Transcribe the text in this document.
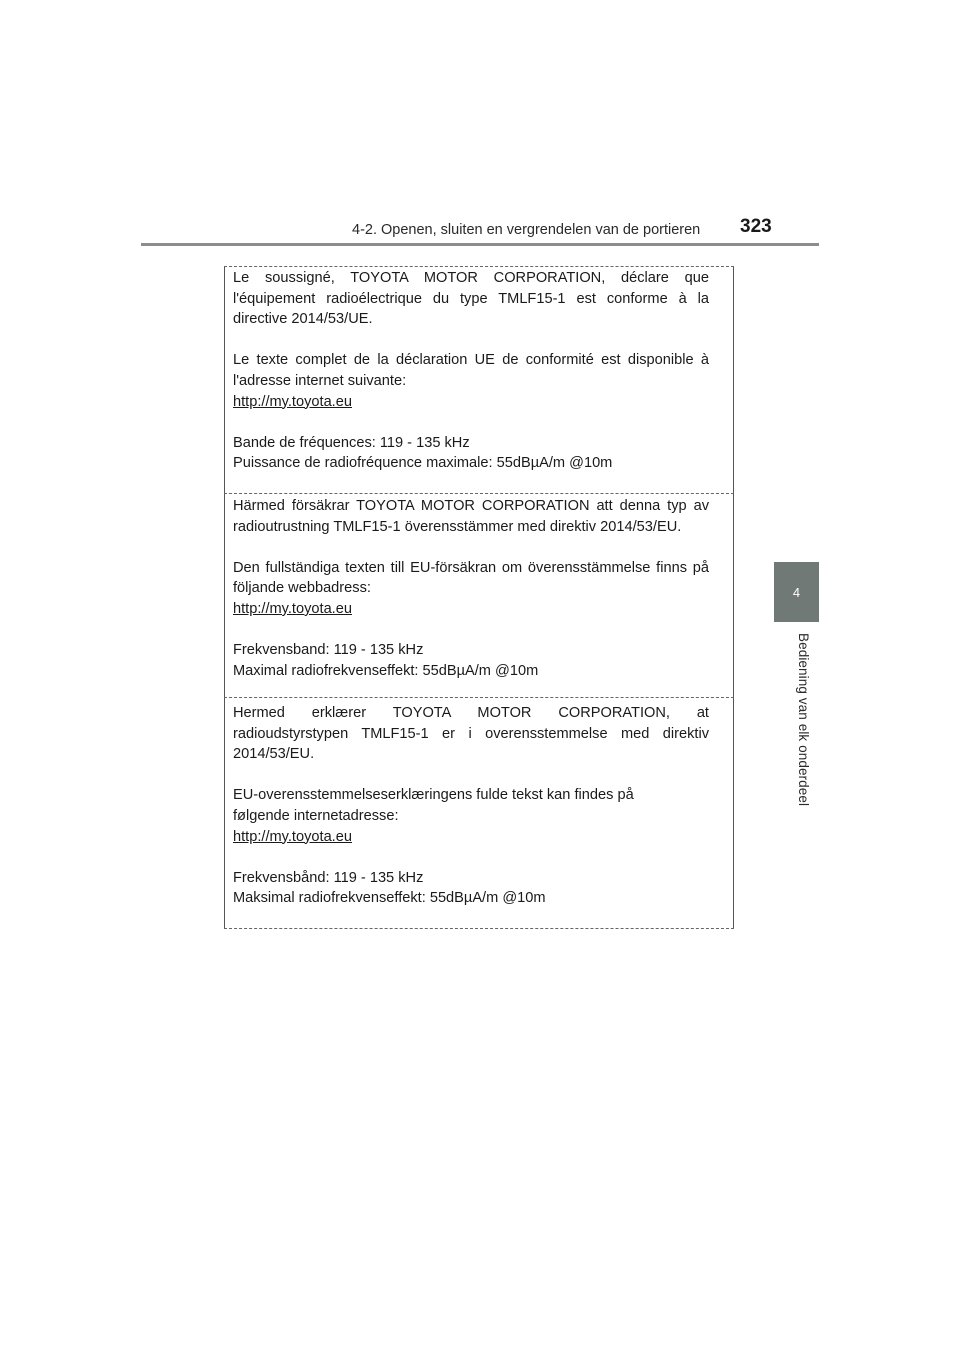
4-2. Openen, sluiten en vergrendelen van de portieren 323
4
Bediening van elk onderdeel

Le soussigné, TOYOTA MOTOR CORPORATION, déclare que l'équipement radioélectrique du type TMLF15-1 est conforme à la directive 2014/53/UE.

Le texte complet de la déclaration UE de conformité est disponible à l'adresse internet suivante:
http://my.toyota.eu

Bande de fréquences: 119 - 135 kHz
Puissance de radiofréquence maximale: 55dBµA/m @10m

Härmed försäkrar TOYOTA MOTOR CORPORATION att denna typ av radioutrustning TMLF15-1 överensstämmer med direktiv 2014/53/EU.

Den fullständiga texten till EU-försäkran om överensstämmelse finns på följande webbadress:
http://my.toyota.eu

Frekvensband: 119 - 135 kHz
Maximal radiofrekvenseffekt: 55dBµA/m @10m

Hermed erklærer TOYOTA MOTOR CORPORATION, at radioudstyrstypen TMLF15-1 er i overensstemmelse med direktiv 2014/53/EU.

EU-overensstemmelseserklæringens fulde tekst kan findes på følgende internetadresse:
http://my.toyota.eu

Frekvensbånd: 119 - 135 kHz
Maksimal radiofrekvenseffekt: 55dBµA/m @10m
